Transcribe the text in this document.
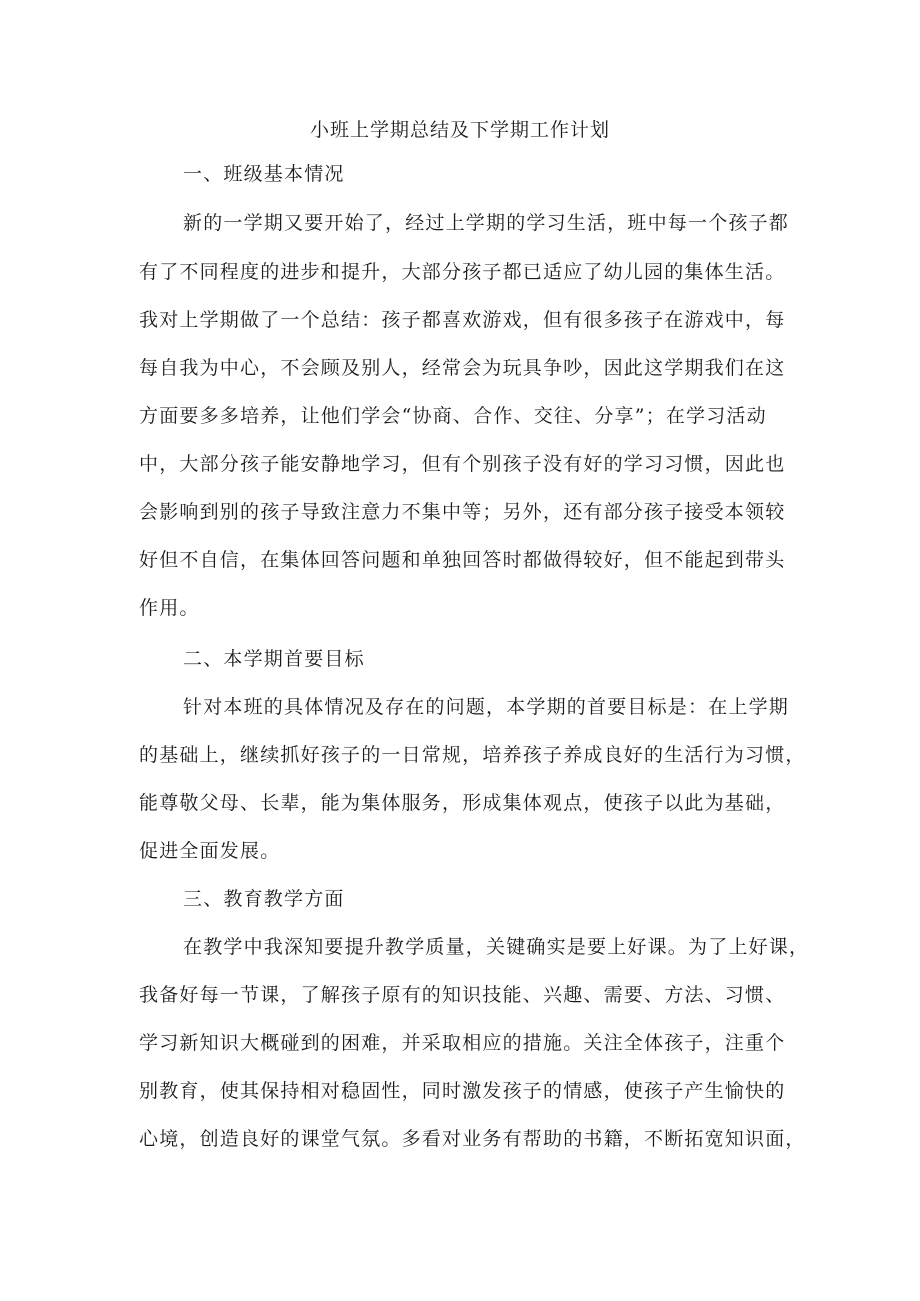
小班上学期总结及下学期工作计划
一、班级基本情况
新的一学期又要开始了，经过上学期的学习生活，班中每一个孩子都
有了不同程度的进步和提升，大部分孩子都已适应了幼儿园的集体生活。
我对上学期做了一个总结：孩子都喜欢游戏，但有很多孩子在游戏中，每
每自我为中心，不会顾及别人，经常会为玩具争吵，因此这学期我们在这
方面要多多培养，让他们学会“协商、合作、交往、分享”；在学习活动
中，大部分孩子能安静地学习，但有个别孩子没有好的学习习惯，因此也
会影响到别的孩子导致注意力不集中等；另外，还有部分孩子接受本领较
好但不自信，在集体回答问题和单独回答时都做得较好，但不能起到带头
作用。
二、本学期首要目标
针对本班的具体情况及存在的问题，本学期的首要目标是：在上学期
的基础上，继续抓好孩子的一日常规，培养孩子养成良好的生活行为习惯，
能尊敬父母、长辈，能为集体服务，形成集体观点，使孩子以此为基础，
促进全面发展。
三、教育教学方面
在教学中我深知要提升教学质量，关键确实是要上好课。为了上好课，
我备好每一节课，了解孩子原有的知识技能、兴趣、需要、方法、习惯、
学习新知识大概碰到的困难，并采取相应的措施。关注全体孩子，注重个
别教育，使其保持相对稳固性，同时激发孩子的情感，使孩子产生愉快的
心境，创造良好的课堂气氛。多看对业务有帮助的书籍，不断拓宽知识面，
